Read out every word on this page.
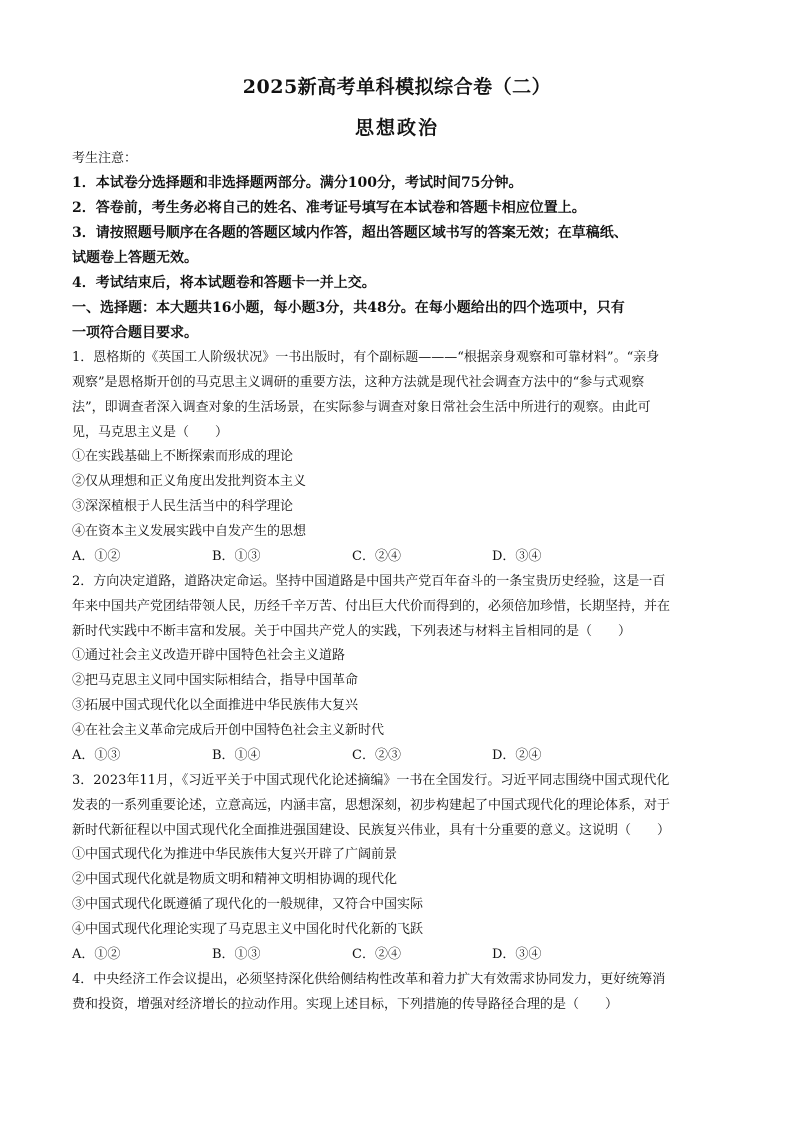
2025新高考单科模拟综合卷（二）
思想政治
考生注意：
1．本试卷分选择题和非选择题两部分。满分100分，考试时间75分钟。
2．答卷前，考生务必将自己的姓名、准考证号填写在本试卷和答题卡相应位置上。
3．请按照题号顺序在各题的答题区域内作答，超出答题区域书写的答案无效；在草稿纸、
试题卷上答题无效。
4．考试结束后，将本试题卷和答题卡一并上交。
一、选择题：本大题共16小题，每小题3分，共48分。在每小题给出的四个选项中，只有
一项符合题目要求。
1．恩格斯的《英国工人阶级状况》一书出版时，有个副标题———“根据亲身观察和可靠材料”。“亲身
观察”是恩格斯开创的马克思主义调研的重要方法，这种方法就是现代社会调查方法中的“参与式观察
法”，即调查者深入调查对象的生活场景，在实际参与调查对象日常社会生活中所进行的观察。由此可
见，马克思主义是（　　）
①在实践基础上不断探索而形成的理论
②仅从理想和正义角度出发批判资本主义
③深深植根于人民生活当中的科学理论
④在资本主义发展实践中自发产生的思想
A．①②	B．①③	C．②④	D．③④
2．方向决定道路，道路决定命运。坚持中国道路是中国共产党百年奋斗的一条宝贵历史经验，这是一百
年来中国共产党团结带领人民，历经千辛万苦、付出巨大代价而得到的，必须倍加珍惜，长期坚持，并在
新时代实践中不断丰富和发展。关于中国共产党人的实践，下列表述与材料主旨相同的是（　　）
①通过社会主义改造开辟中国特色社会主义道路
②把马克思主义同中国实际相结合，指导中国革命
③拓展中国式现代化以全面推进中华民族伟大复兴
④在社会主义革命完成后开创中国特色社会主义新时代
A．①③	B．①④	C．②③	D．②④
3．2023年11月，《习近平关于中国式现代化论述摘编》一书在全国发行。习近平同志围绕中国式现代化
发表的一系列重要论述，立意高远，内涵丰富，思想深刻，初步构建起了中国式现代化的理论体系，对于
新时代新征程以中国式现代化全面推进强国建设、民族复兴伟业，具有十分重要的意义。这说明（　　）
①中国式现代化为推进中华民族伟大复兴开辟了广阔前景
②中国式现代化就是物质文明和精神文明相协调的现代化
③中国式现代化既遵循了现代化的一般规律，又符合中国实际
④中国式现代化理论实现了马克思主义中国化时代化新的飞跃
A．①②	B．①③	C．②④	D．③④
4．中央经济工作会议提出，必须坚持深化供给侧结构性改革和着力扩大有效需求协同发力，更好统筹消
费和投资，增强对经济增长的拉动作用。实现上述目标，下列措施的传导路径合理的是（　　）
